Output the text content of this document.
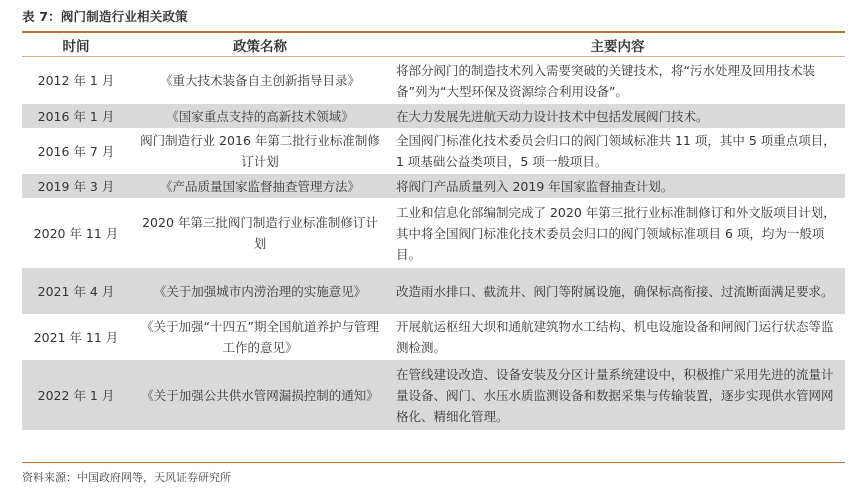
表 7：阀门制造行业相关政策
时间	政策名称	主要内容
2012 年 1 月	《重大技术装备自主创新指导目录》	将部分阀门的制造技术列入需要突破的关键技术，将“污水处理及回用技术装备”列为“大型环保及资源综合利用设备”。
2016 年 1 月	《国家重点支持的高新技术领域》	在大力发展先进航天动力设计技术中包括发展阀门技术。
2016 年 7 月	阀门制造行业 2016 年第二批行业标准制修订计划	全国阀门标准化技术委员会归口的阀门领域标准共 11 项，其中 5 项重点项目，1 项基础公益类项目，5 项一般项目。
2019 年 3 月	《产品质量国家监督抽查管理方法》	将阀门产品质量列入 2019 年国家监督抽查计划。
2020 年 11 月	2020 年第三批阀门制造行业标准制修订计划	工业和信息化部编制完成了 2020 年第三批行业标准制修订和外文版项目计划，其中将全国阀门标准化技术委员会归口的阀门领域标准项目 6 项，均为一般项目。
2021 年 4 月	《关于加强城市内涝治理的实施意见》	改造雨水排口、截流井、阀门等附属设施，确保标高衔接、过流断面满足要求。
2021 年 11 月	《关于加强“十四五”期全国航道养护与管理工作的意见》	开展航运枢纽大坝和通航建筑物水工结构、机电设施设备和闸阀门运行状态等监测检测。
2022 年 1 月	《关于加强公共供水管网漏损控制的通知》	在管线建设改造、设备安装及分区计量系统建设中，积极推广采用先进的流量计量设备、阀门、水压水质监测设备和数据采集与传输装置，逐步实现供水管网网格化、精细化管理。
资料来源：中国政府网等，天风证券研究所
